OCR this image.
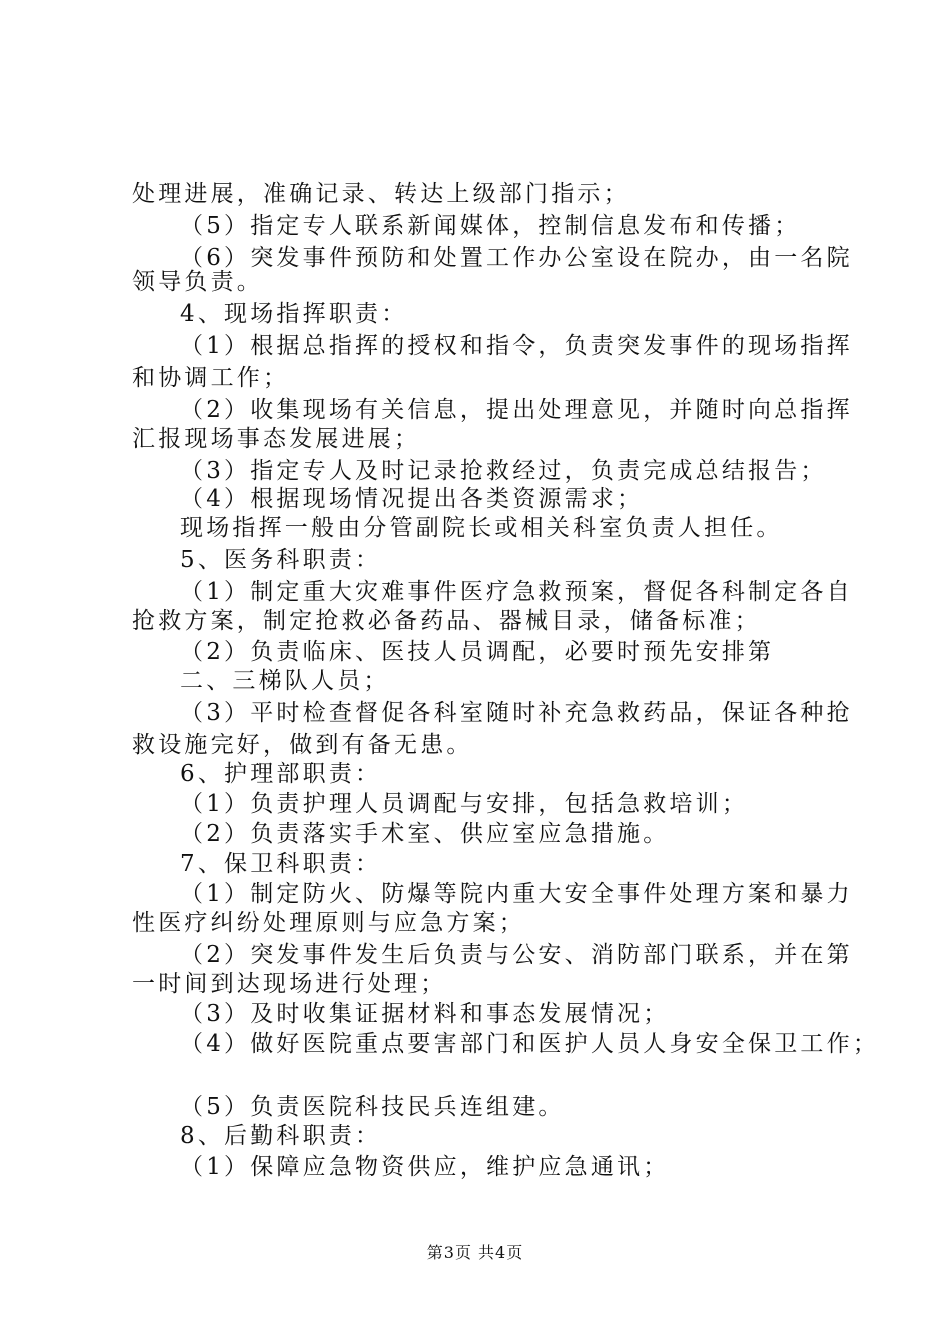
处理进展，准确记录、转达上级部门指示；
（5）指定专人联系新闻媒体，控制信息发布和传播；
（6）突发事件预防和处置工作办公室设在院办，由一名院
领导负责。
4、现场指挥职责：
（1）根据总指挥的授权和指令，负责突发事件的现场指挥
和协调工作；
（2）收集现场有关信息，提出处理意见，并随时向总指挥
汇报现场事态发展进展；
（3）指定专人及时记录抢救经过，负责完成总结报告；
（4）根据现场情况提出各类资源需求；
现场指挥一般由分管副院长或相关科室负责人担任。
5、医务科职责：
（1）制定重大灾难事件医疗急救预案，督促各科制定各自
抢救方案，制定抢救必备药品、器械目录，储备标准；
（2）负责临床、医技人员调配，必要时预先安排第
二、三梯队人员；
（3）平时检查督促各科室随时补充急救药品，保证各种抢
救设施完好，做到有备无患。
6、护理部职责：
（1）负责护理人员调配与安排，包括急救培训；
（2）负责落实手术室、供应室应急措施。
7、保卫科职责：
（1）制定防火、防爆等院内重大安全事件处理方案和暴力
性医疗纠纷处理原则与应急方案；
（2）突发事件发生后负责与公安、消防部门联系，并在第
一时间到达现场进行处理；
（3）及时收集证据材料和事态发展情况；
（4）做好医院重点要害部门和医护人员人身安全保卫工作；
（5）负责医院科技民兵连组建。
8、后勤科职责：
（1）保障应急物资供应，维护应急通讯；
第3页 共4页
